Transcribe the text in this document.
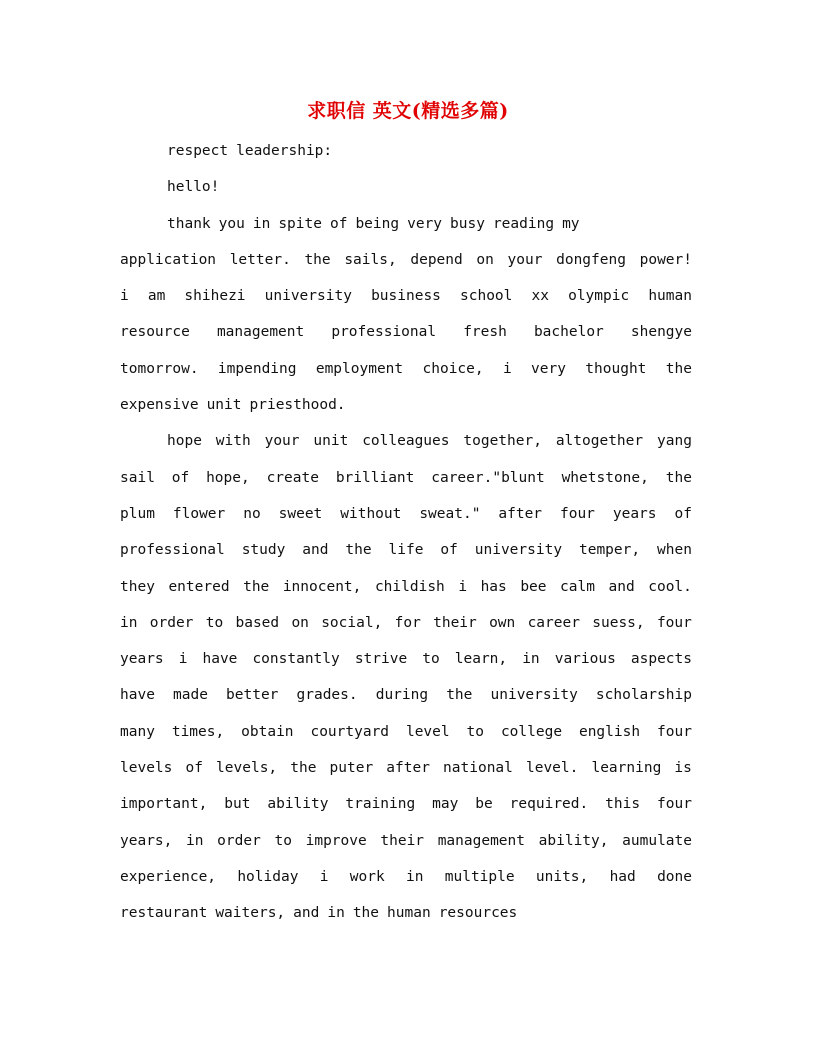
求职信 英文(精选多篇)
respect leadership:
hello!
thank you in spite of being very busy reading my
application letter. the sails, depend on your dongfeng power!
i am shihezi university business school xx olympic human
resource management professional fresh bachelor shengye
tomorrow. impending employment choice, i very thought the
expensive unit priesthood.
hope with your unit colleagues together, altogether yang
sail of hope, create brilliant career."blunt whetstone, the
plum flower no sweet without sweat." after four years of
professional study and the life of university temper, when
they entered the innocent, childish i has bee calm and cool.
in order to based on social, for their own career suess, four
years i have constantly strive to learn, in various aspects
have made better grades. during the university scholarship
many times, obtain courtyard level to college english four
levels of levels, the puter after national level. learning is
important, but ability training may be required. this four
years, in order to improve their management ability, aumulate
experience, holiday i work in multiple units, had done
restaurant waiters, and in the human resources
